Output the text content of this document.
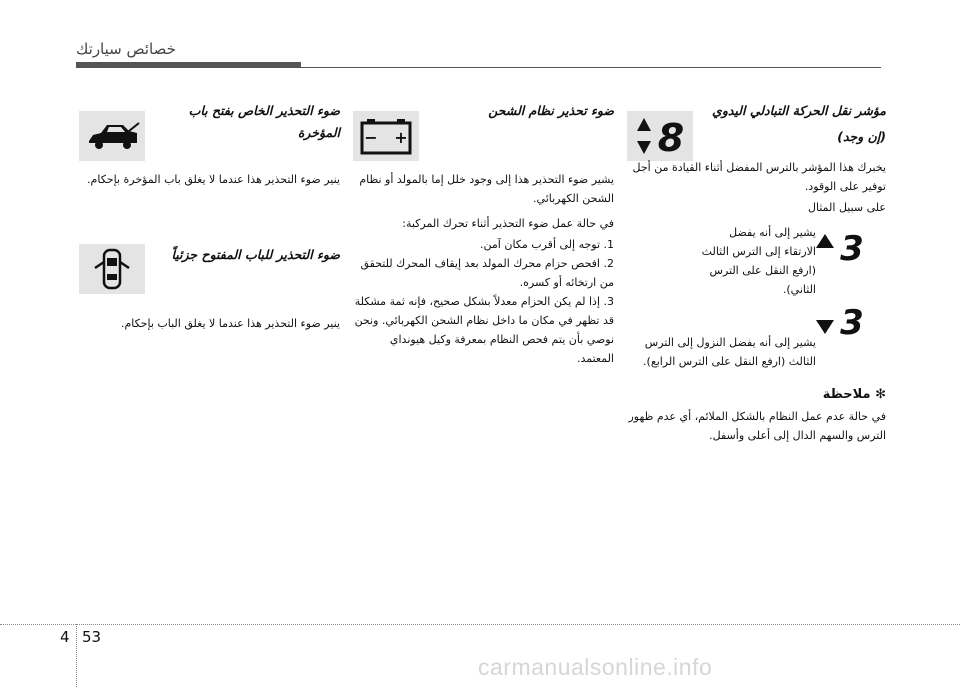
خصائص سيارتك
8

مؤشر نقل الحركة التبادلي اليدوي

(إن وجد)

يخبرك هذا المؤشر بالترس المفضل أثناء القيادة من أجل توفير على الوقود.

على سبيل المثال

يشير إلى أنه يفضل الارتقاء إلى الترس الثالث (ارفع النقل على الترس الثاني).

يشير إلى أنه يفضل النزول إلى الترس الثالث (ارفع النقل على الترس الرابع).

✻ ملاحظة

في حالة عدم عمل النظام بالشكل الملائم، أي عدم ظهور الترس والسهم الدال إلى أعلى وأسفل.

3
3
− +

ضوء تحذير نظام الشحن

يشير ضوء التحذير هذا إلى وجود خلل إما بالمولد أو نظام الشحن الكهربائي.

في حالة عمل ضوء التحذير أثناء تحرك المركبة:

1. توجه إلى أقرب مكان آمن.
2. افحص حزام محرك المولد بعد إيقاف المحرك للتحقق من ارتخائه أو كسره.
3. إذا لم يكن الحزام معدلاً بشكل صحيح، فإنه ثمة مشكلة قد تظهر في مكان ما داخل نظام الشحن الكهربائي. ونحن نوصي بأن يتم فحص النظام بمعرفة وكيل هيونداي المعتمد.

ضوء التحذير الخاص بفتح باب المؤخرة

ينير ضوء التحذير هذا عندما لا يغلق باب المؤخرة بإحكام.

ضوء التحذير للباب المفتوح جزئياً

ينير ضوء التحذير هذا عندما لا يغلق الباب بإحكام.

4 53
carmanualsonline.info
